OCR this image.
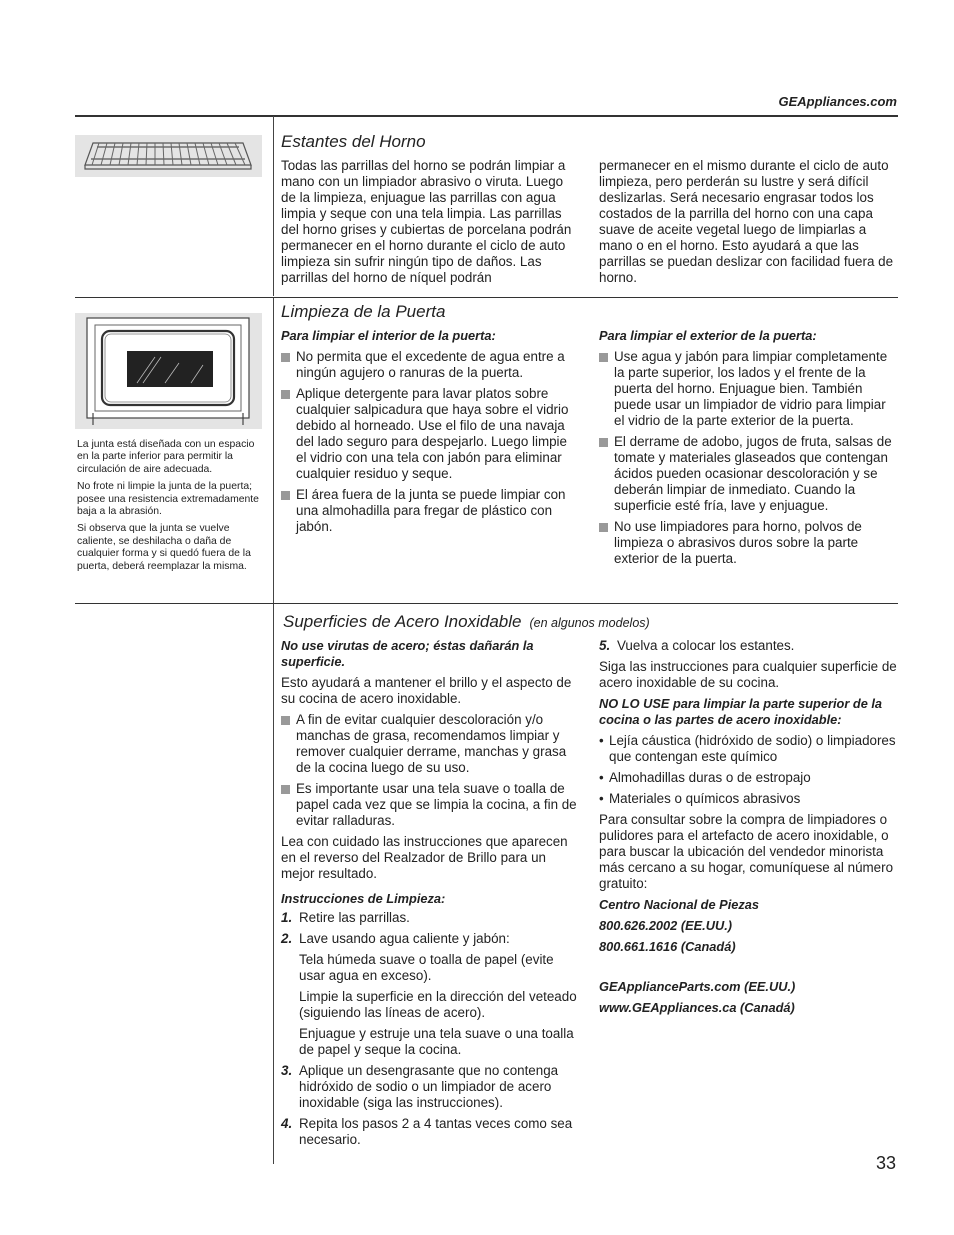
GEAppliances.com
Estantes del Horno

Todas las parrillas del horno se podrán limpiar a mano con un limpiador abrasivo o viruta. Luego de la limpieza, enjuague las parrillas con agua limpia y seque con una tela limpia. Las parrillas del horno grises y cubiertas de porcelana podrán permanecer en el horno durante el ciclo de auto limpieza sin sufrir ningún tipo de daños. Las parrillas del horno de níquel podrán

permanecer en el mismo durante el ciclo de auto limpieza, pero perderán su lustre y será difícil deslizarlas. Será necesario engrasar todos los costados de la parrilla del horno con una capa suave de aceite vegetal luego de limpiarlas a mano o en el horno. Esto ayudará a que las parrillas se puedan deslizar con facilidad fuera de horno.

La junta está diseñada con un espacio en la parte inferior para permitir la circulación de aire adecuada.

No frote ni limpie la junta de la puerta; posee una resistencia extremadamente baja a la abrasión.

Si observa que la junta se vuelve caliente, se deshilacha o daña de cualquier forma y si quedó fuera de la puerta, deberá reemplazar la misma.

Limpieza de la Puerta

Para limpiar el interior de la puerta:

No permita que el excedente de agua entre a ningún agujero o ranuras de la puerta.

Aplique detergente para lavar platos sobre cualquier salpicadura que haya sobre el vidrio debido al horneado. Use el filo de una navaja del lado seguro para despejarlo. Luego limpie el vidrio con una tela con jabón para eliminar cualquier residuo y seque.

El área fuera de la junta se puede limpiar con una almohadilla para fregar de plástico con jabón.

Para limpiar el exterior de la puerta:

Use agua y jabón para limpiar completamente la parte superior, los lados y el frente de la puerta del horno. Enjuague bien. También puede usar un limpiador de vidrio para limpiar el vidrio de la parte exterior de la puerta.

El derrame de adobo, jugos de fruta, salsas de tomate y materiales glaseados que contengan ácidos pueden ocasionar descoloración y se deberán limpiar de inmediato. Cuando la superficie esté fría, lave y enjuague.

No use limpiadores para horno, polvos de limpieza o abrasivos duros sobre la parte exterior de la puerta.

Superficies de Acero Inoxidable (en algunos modelos)

No use virutas de acero; éstas dañarán la superficie.

Esto ayudará a mantener el brillo y el aspecto de su cocina de acero inoxidable.

A fin de evitar cualquier descoloración y/o manchas de grasa, recomendamos limpiar y remover cualquier derrame, manchas y grasa de la cocina luego de su uso.

Es importante usar una tela suave o toalla de papel cada vez que se limpia la cocina, a fin de evitar ralladuras.

Lea con cuidado las instrucciones que aparecen en el reverso del Realzador de Brillo para un mejor resultado.

Instrucciones de Limpieza:

1. Retire las parrillas.

2. Lave usando agua caliente y jabón:

Tela húmeda suave o toalla de papel (evite usar agua en exceso).

Limpie la superficie en la dirección del veteado (siguiendo las líneas de acero).

Enjuague y estruje una tela suave o una toalla de papel y seque la cocina.

3. Aplique un desengrasante que no contenga hidróxido de sodio o un limpiador de acero inoxidable (siga las instrucciones).

4. Repita los pasos 2 a 4 tantas veces como sea necesario.

5. Vuelva a colocar los estantes.

Siga las instrucciones para cualquier superficie de acero inoxidable de su cocina.

NO LO USE para limpiar la parte superior de la cocina o las partes de acero inoxidable:

• Lejía cáustica (hidróxido de sodio) o limpiadores que contengan este químico

• Almohadillas duras o de estropajo

• Materiales o químicos abrasivos

Para consultar sobre la compra de limpiadores o pulidores para el artefacto de acero inoxidable, o para buscar la ubicación del vendedor minorista más cercano a su hogar, comuníquese al número gratuito:

Centro Nacional de Piezas

800.626.2002 (EE.UU.)

800.661.1616 (Canadá)

GEApplianceParts.com (EE.UU.)

www.GEAppliances.ca (Canadá)

33
